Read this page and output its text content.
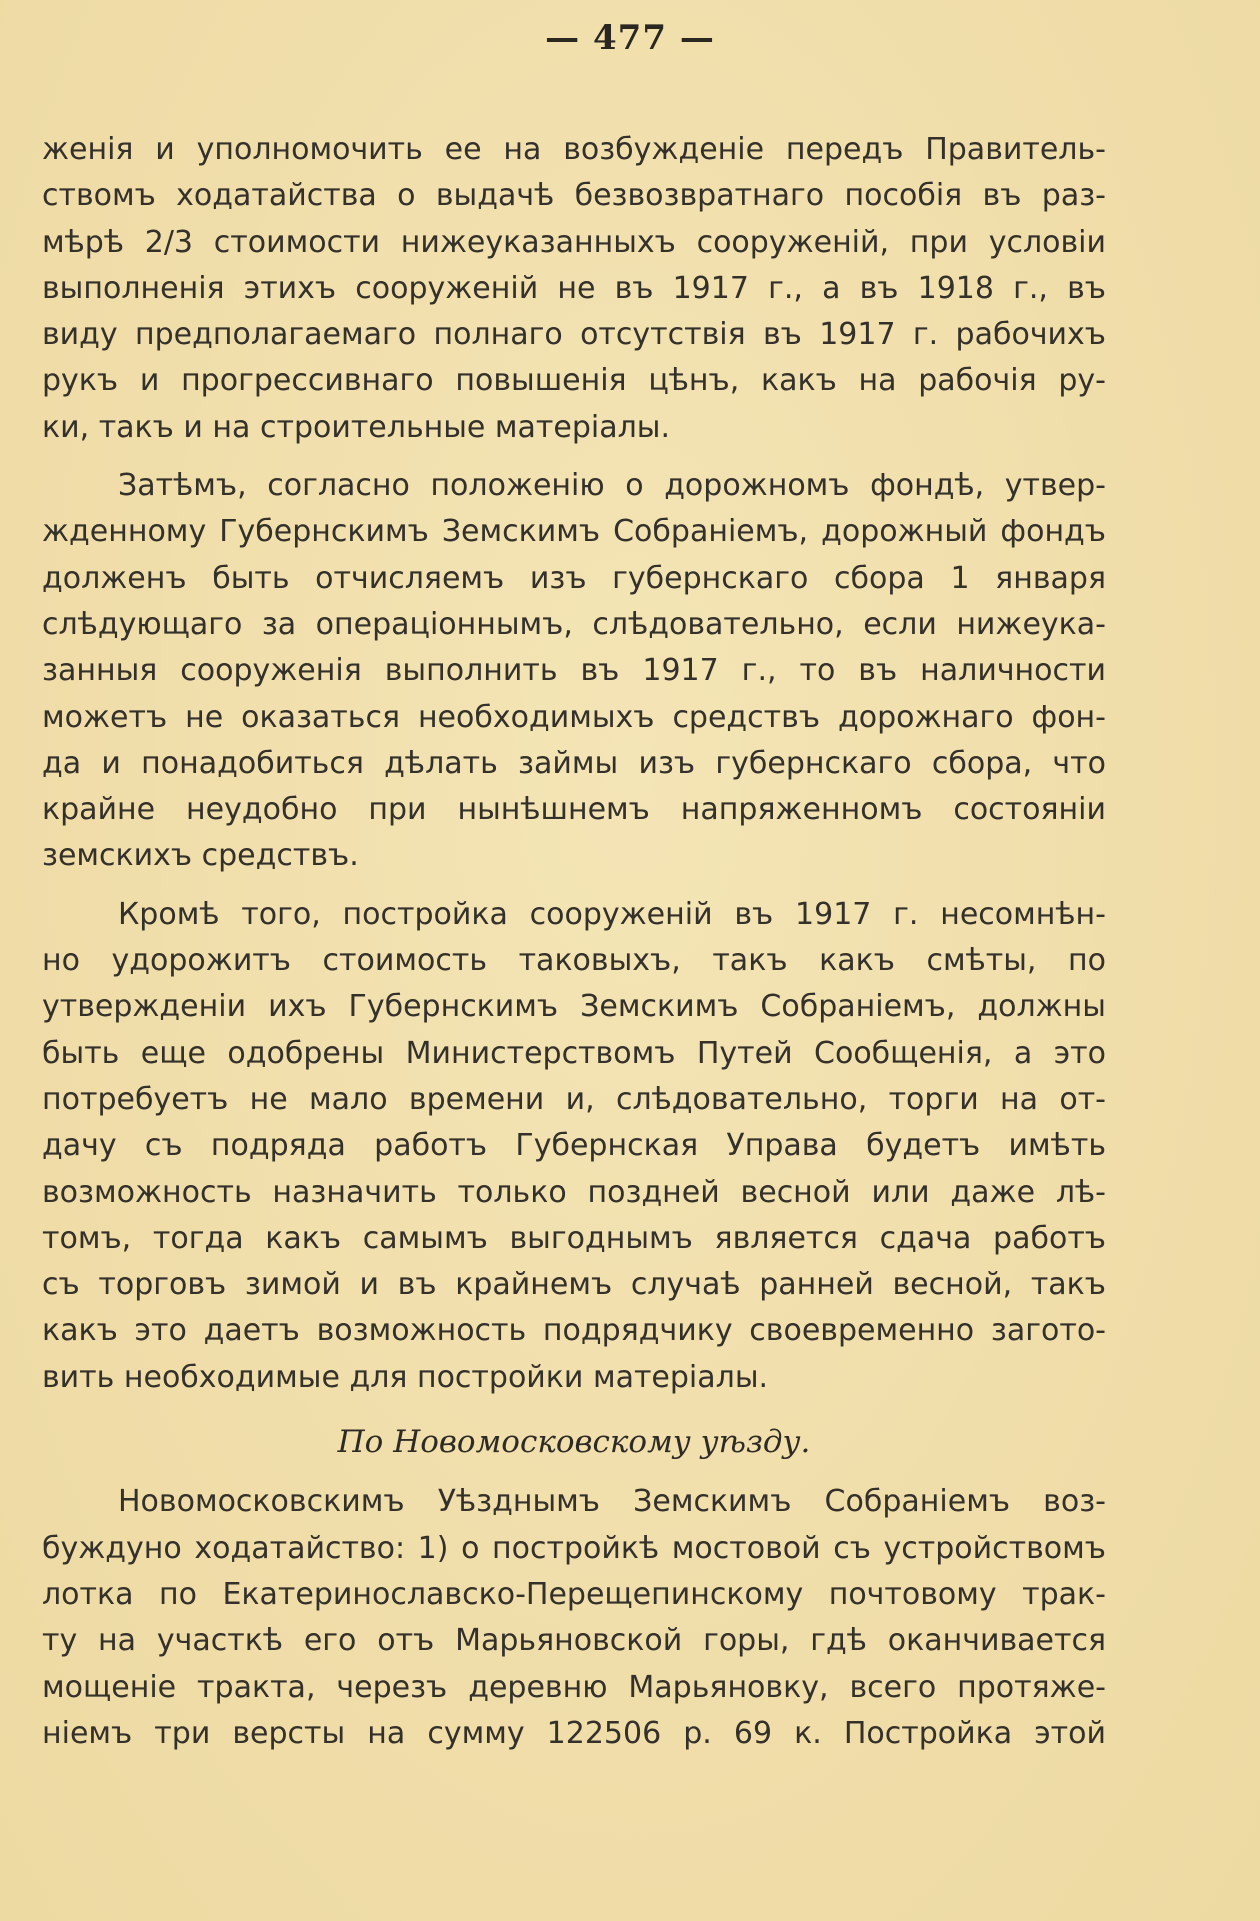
— 477 —
женія и уполномочить ее на возбужденіе передъ Правитель-
ствомъ ходатайства о выдачѣ безвозвратнаго пособія въ раз-
мѣрѣ 2/3 стоимости нижеуказанныхъ сооруженій, при условіи
выполненія этихъ сооруженій не въ 1917 г., а въ 1918 г., въ
виду предполагаемаго полнаго отсутствія въ 1917 г. рабочихъ
рукъ и прогрессивнаго повышенія цѣнъ, какъ на рабочія ру-
ки, такъ и на строительные матеріалы.
Затѣмъ, согласно положенію о дорожномъ фондѣ, утвер-
жденному Губернскимъ Земскимъ Собраніемъ, дорожный фондъ
долженъ быть отчисляемъ изъ губернскаго сбора 1 января
слѣдующаго за операціоннымъ, слѣдовательно, если нижеука-
занныя сооруженія выполнить въ 1917 г., то въ наличности
можетъ не оказаться необходимыхъ средствъ дорожнаго фон-
да и понадобиться дѣлать займы изъ губернскаго сбора, что
крайне неудобно при нынѣшнемъ напряженномъ состояніи
земскихъ средствъ.
Кромѣ того, постройка сооруженій въ 1917 г. несомнѣн-
но удорожитъ стоимость таковыхъ, такъ какъ смѣты, по
утвержденіи ихъ Губернскимъ Земскимъ Собраніемъ, должны
быть еще одобрены Министерствомъ Путей Сообщенія, а это
потребуетъ не мало времени и, слѣдовательно, торги на от-
дачу съ подряда работъ Губернская Управа будетъ имѣть
возможность назначить только поздней весной или даже лѣ-
томъ, тогда какъ самымъ выгоднымъ является сдача работъ
съ торговъ зимой и въ крайнемъ случаѣ ранней весной, такъ
какъ это даетъ возможность подрядчику своевременно загото-
вить необходимые для постройки матеріалы.
По Новомосковскому уѣзду.
Новомосковскимъ Уѣзднымъ Земскимъ Собраніемъ воз-
буждуно ходатайство: 1) о постройкѣ мостовой съ устройствомъ
лотка по Екатеринославско-Перещепинскому почтовому трак-
ту на участкѣ его отъ Марьяновской горы, гдѣ оканчивается
мощеніе тракта, черезъ деревню Марьяновку, всего протяже-
ніемъ три версты на сумму 122506 р. 69 к. Постройка этой
